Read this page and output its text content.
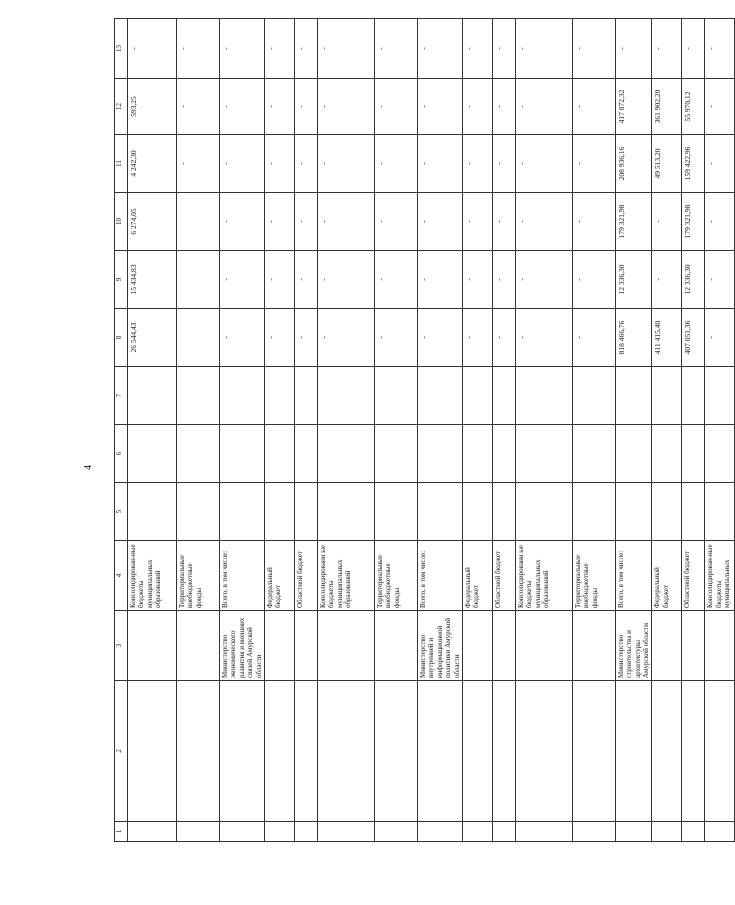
4
1	2	3	4	5	6	7	8	9	10	11	12	13
			Консолидирован-ные бюджеты муниципальных образований				26 544,43	15 434,83	6 274,05	4 242,30	593,25	-
			Территориальные внебюджетные фонды							-	-	-
		Министерство экономического развития и внешних связей Амурской области	Всего, в том числе:				-	-	-	-	-	-
			Федеральный бюджет				-	-	-	-	-	-
			Областной бюджет				-	-	-	-	-	-
			Консолидированн ые бюджеты муниципальных образований				-	-	-	-	-	-
			Территориальные внебюджетные фонды				-	-	-	-	-	-
		Министерство внутренней и информационной политики Амурской области	Всего, в том числе:				-	-	-	-	-	-
			Федеральный бюджет				-	-	-	-	-	-
			Областной бюджет				-	-	-	-	-	-
			Консолидированн ые бюджеты муниципальных образований				-	-	-	-	-	-
			Территориальные внебюджетные фонды				-	-	-	-	-	-
		Министерство строительства и архитектуры Амурской области	Всего, в том числе:				818 466,76	12 336,30	179 321,98	208 936,16	417 872,32	-
			Федеральный бюджет				411 415,40	-	-	49 513,20	361 902,20	-
			Областной бюджет				407 051,36	12 336,30	179 321,98	159 422,96	55 970,12	-
			Консолидирован-ные бюджеты муниципальных				-	-	-	-	-	-
